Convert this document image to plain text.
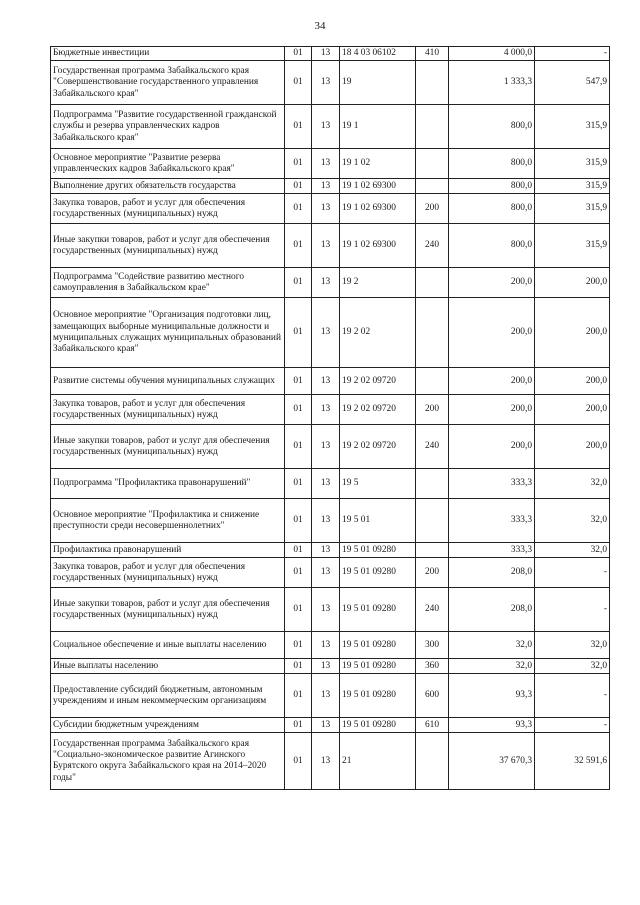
34
Бюджетные инвестиции	01	13	18 4 03 06102	410	4 000,0	-
Государственная программа Забайкальского края "Совершенствование государственного управления Забайкальского края"	01	13	19		1 333,3	547,9
Подпрограмма "Развитие государственной гражданской службы и резерва управленческих кадров Забайкальского края"	01	13	19 1		800,0	315,9
Основное мероприятие "Развитие резерва управленческих кадров Забайкальского края"	01	13	19 1 02		800,0	315,9
Выполнение других обязательств государства	01	13	19 1 02 69300		800,0	315,9
Закупка товаров, работ и услуг для обеспечения государственных (муниципальных) нужд	01	13	19 1 02 69300	200	800,0	315,9
Иные закупки товаров, работ и услуг для обеспечения государственных (муниципальных) нужд	01	13	19 1 02 69300	240	800,0	315,9
Подпрограмма "Содействие развитию местного самоуправления в Забайкальском крае"	01	13	19 2		200,0	200,0
Основное мероприятие "Организация подготовки лиц, замещающих выборные муниципальные должности и муниципальных служащих муниципальных образований Забайкальского края"	01	13	19 2 02		200,0	200,0
Развитие системы обучения муниципальных служащих	01	13	19 2 02 09720		200,0	200,0
Закупка товаров, работ и услуг для обеспечения государственных (муниципальных) нужд	01	13	19 2 02 09720	200	200,0	200,0
Иные закупки товаров, работ и услуг для обеспечения государственных (муниципальных) нужд	01	13	19 2 02 09720	240	200,0	200,0
Подпрограмма "Профилактика правонарушений"	01	13	19 5		333,3	32,0
Основное мероприятие "Профилактика и снижение преступности среди несовершеннолетних"	01	13	19 5 01		333,3	32,0
Профилактика правонарушений	01	13	19 5 01 09280		333,3	32,0
Закупка товаров, работ и услуг для обеспечения государственных (муниципальных) нужд	01	13	19 5 01 09280	200	208,0	-
Иные закупки товаров, работ и услуг для обеспечения государственных (муниципальных) нужд	01	13	19 5 01 09280	240	208,0	-
Социальное обеспечение и иные выплаты населению	01	13	19 5 01 09280	300	32,0	32,0
Иные выплаты населению	01	13	19 5 01 09280	360	32,0	32,0
Предоставление субсидий бюджетным, автономным учреждениям и иным некоммерческим организациям	01	13	19 5 01 09280	600	93,3	-
Субсидии бюджетным учреждениям	01	13	19 5 01 09280	610	93,3	-
Государственная программа Забайкальского края "Социально-экономическое развитие Агинского Бурятского округа Забайкальского края на 2014–2020 годы"	01	13	21		37 670,3	32 591,6
